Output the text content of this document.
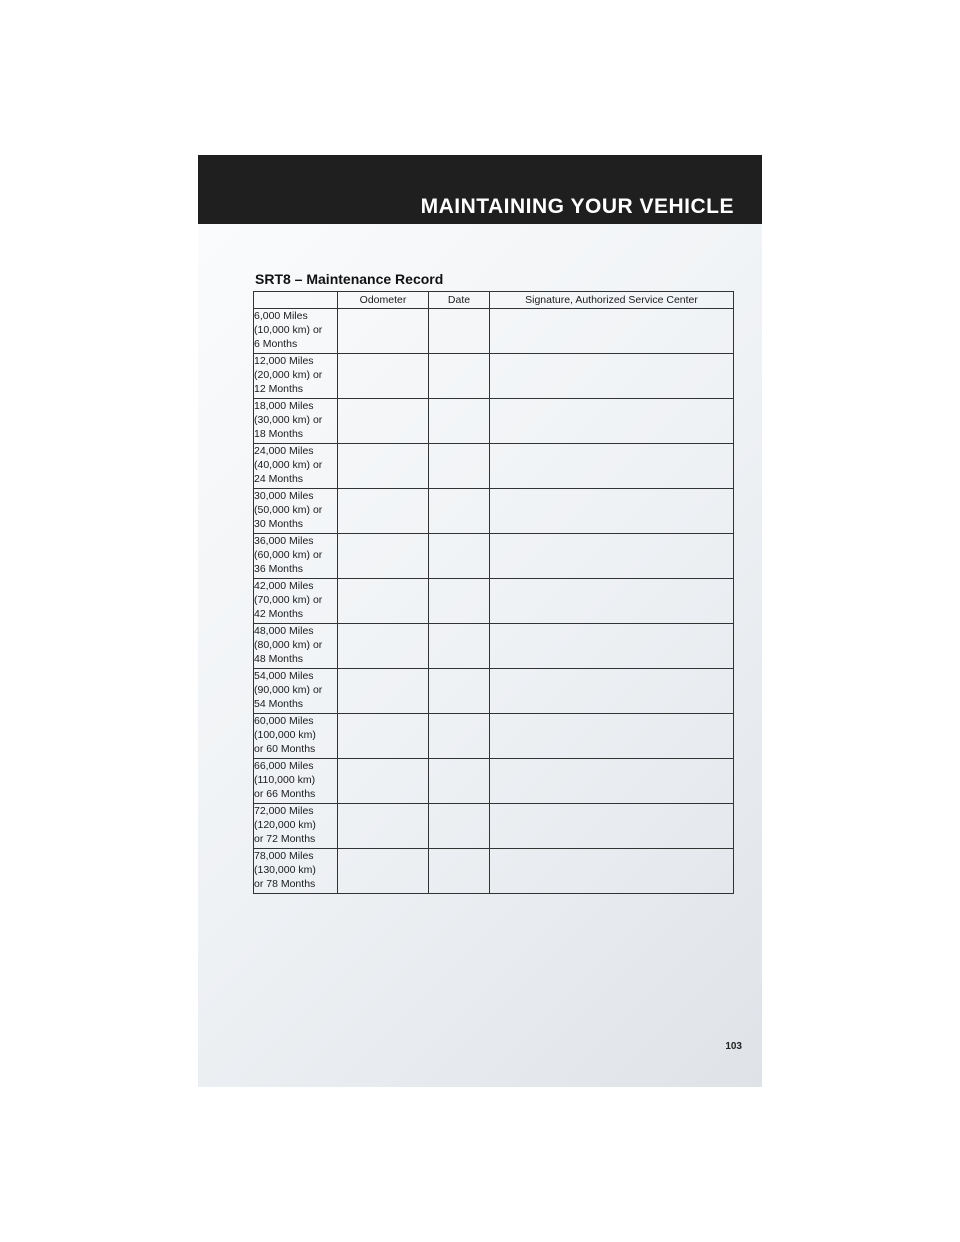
MAINTAINING YOUR VEHICLE
SRT8 – Maintenance Record
	Odometer	Date	Signature, Authorized Service Center
6,000 Miles
(10,000 km) or
6 Months			
12,000 Miles
(20,000 km) or
12 Months			
18,000 Miles
(30,000 km) or
18 Months			
24,000 Miles
(40,000 km) or
24 Months			
30,000 Miles
(50,000 km) or
30 Months			
36,000 Miles
(60,000 km) or
36 Months			
42,000 Miles
(70,000 km) or
42 Months			
48,000 Miles
(80,000 km) or
48 Months			
54,000 Miles
(90,000 km) or
54 Months			
60,000 Miles
(100,000 km)
or 60 Months			
66,000 Miles
(110,000 km)
or 66 Months			
72,000 Miles
(120,000 km)
or 72 Months			
78,000 Miles
(130,000 km)
or 78 Months			
103
